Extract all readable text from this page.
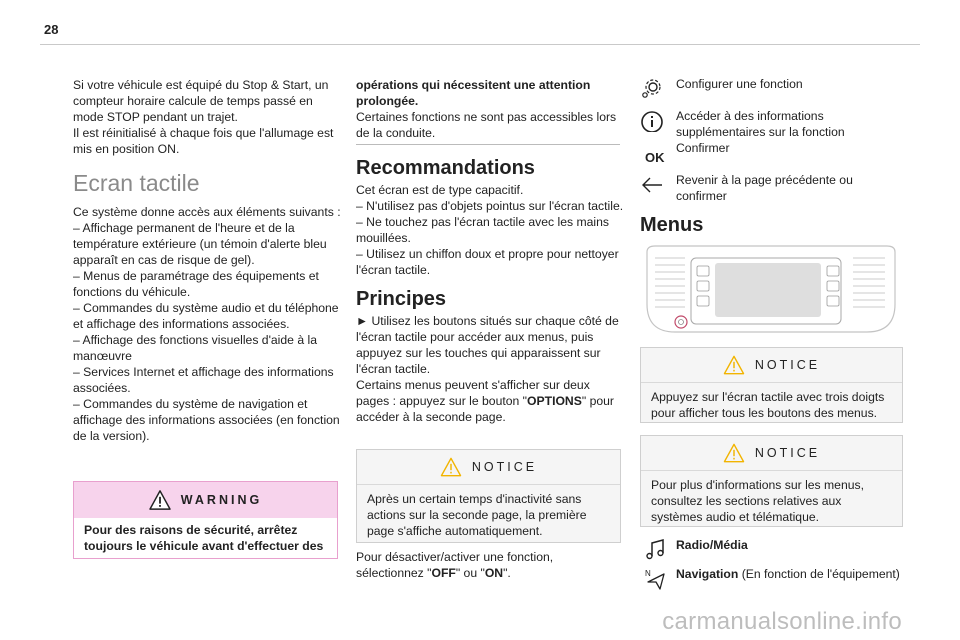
28

Si votre véhicule est équipé du Stop & Start, un compteur horaire calcule de temps passé en mode STOP pendant un trajet.
Il est réinitialisé à chaque fois que l'allumage est mis en position ON.

Ecran tactile

Ce système donne accès aux éléments suivants :
– Affichage permanent de l'heure et de la température extérieure (un témoin d'alerte bleu apparaît en cas de risque de gel).
– Menus de paramétrage des équipements et fonctions du véhicule.
– Commandes du système audio et du téléphone et affichage des informations associées.
– Affichage des fonctions visuelles d'aide à la manœuvre
– Services Internet et affichage des informations associées.
– Commandes du système de navigation et affichage des informations associées (en fonction de la version).

WARNING
Pour des raisons de sécurité, arrêtez toujours le véhicule avant d'effectuer des

opérations qui nécessitent une attention prolongée.

Certaines fonctions ne sont pas accessibles lors de la conduite.

Recommandations

Cet écran est de type capacitif.
– N'utilisez pas d'objets pointus sur l'écran tactile.
– Ne touchez pas l'écran tactile avec les mains mouillées.
– Utilisez un chiffon doux et propre pour nettoyer l'écran tactile.

Principes

► Utilisez les boutons situés sur chaque côté de l'écran tactile pour accéder aux menus, puis appuyez sur les touches qui apparaissent sur l'écran tactile.

Certains menus peuvent s'afficher sur deux pages : appuyez sur le bouton "OPTIONS" pour accéder à la seconde page.

NOTICE
Après un certain temps d'inactivité sans actions sur la seconde page, la première page s'affiche automatiquement.

Pour désactiver/activer une fonction, sélectionnez "OFF" ou "ON".

Configurer une fonction
Accéder à des informations supplémentaires sur la fonction
OK
Confirmer
Revenir à la page précédente ou confirmer
Menus
NOTICE
Appuyez sur l'écran tactile avec trois doigts pour afficher tous les boutons des menus.
NOTICE
Pour plus d'informations sur les menus, consultez les sections relatives aux systèmes audio et télématique.
Radio/Média
N Navigation (En fonction de l'équipement)
carmanualsonline.info
